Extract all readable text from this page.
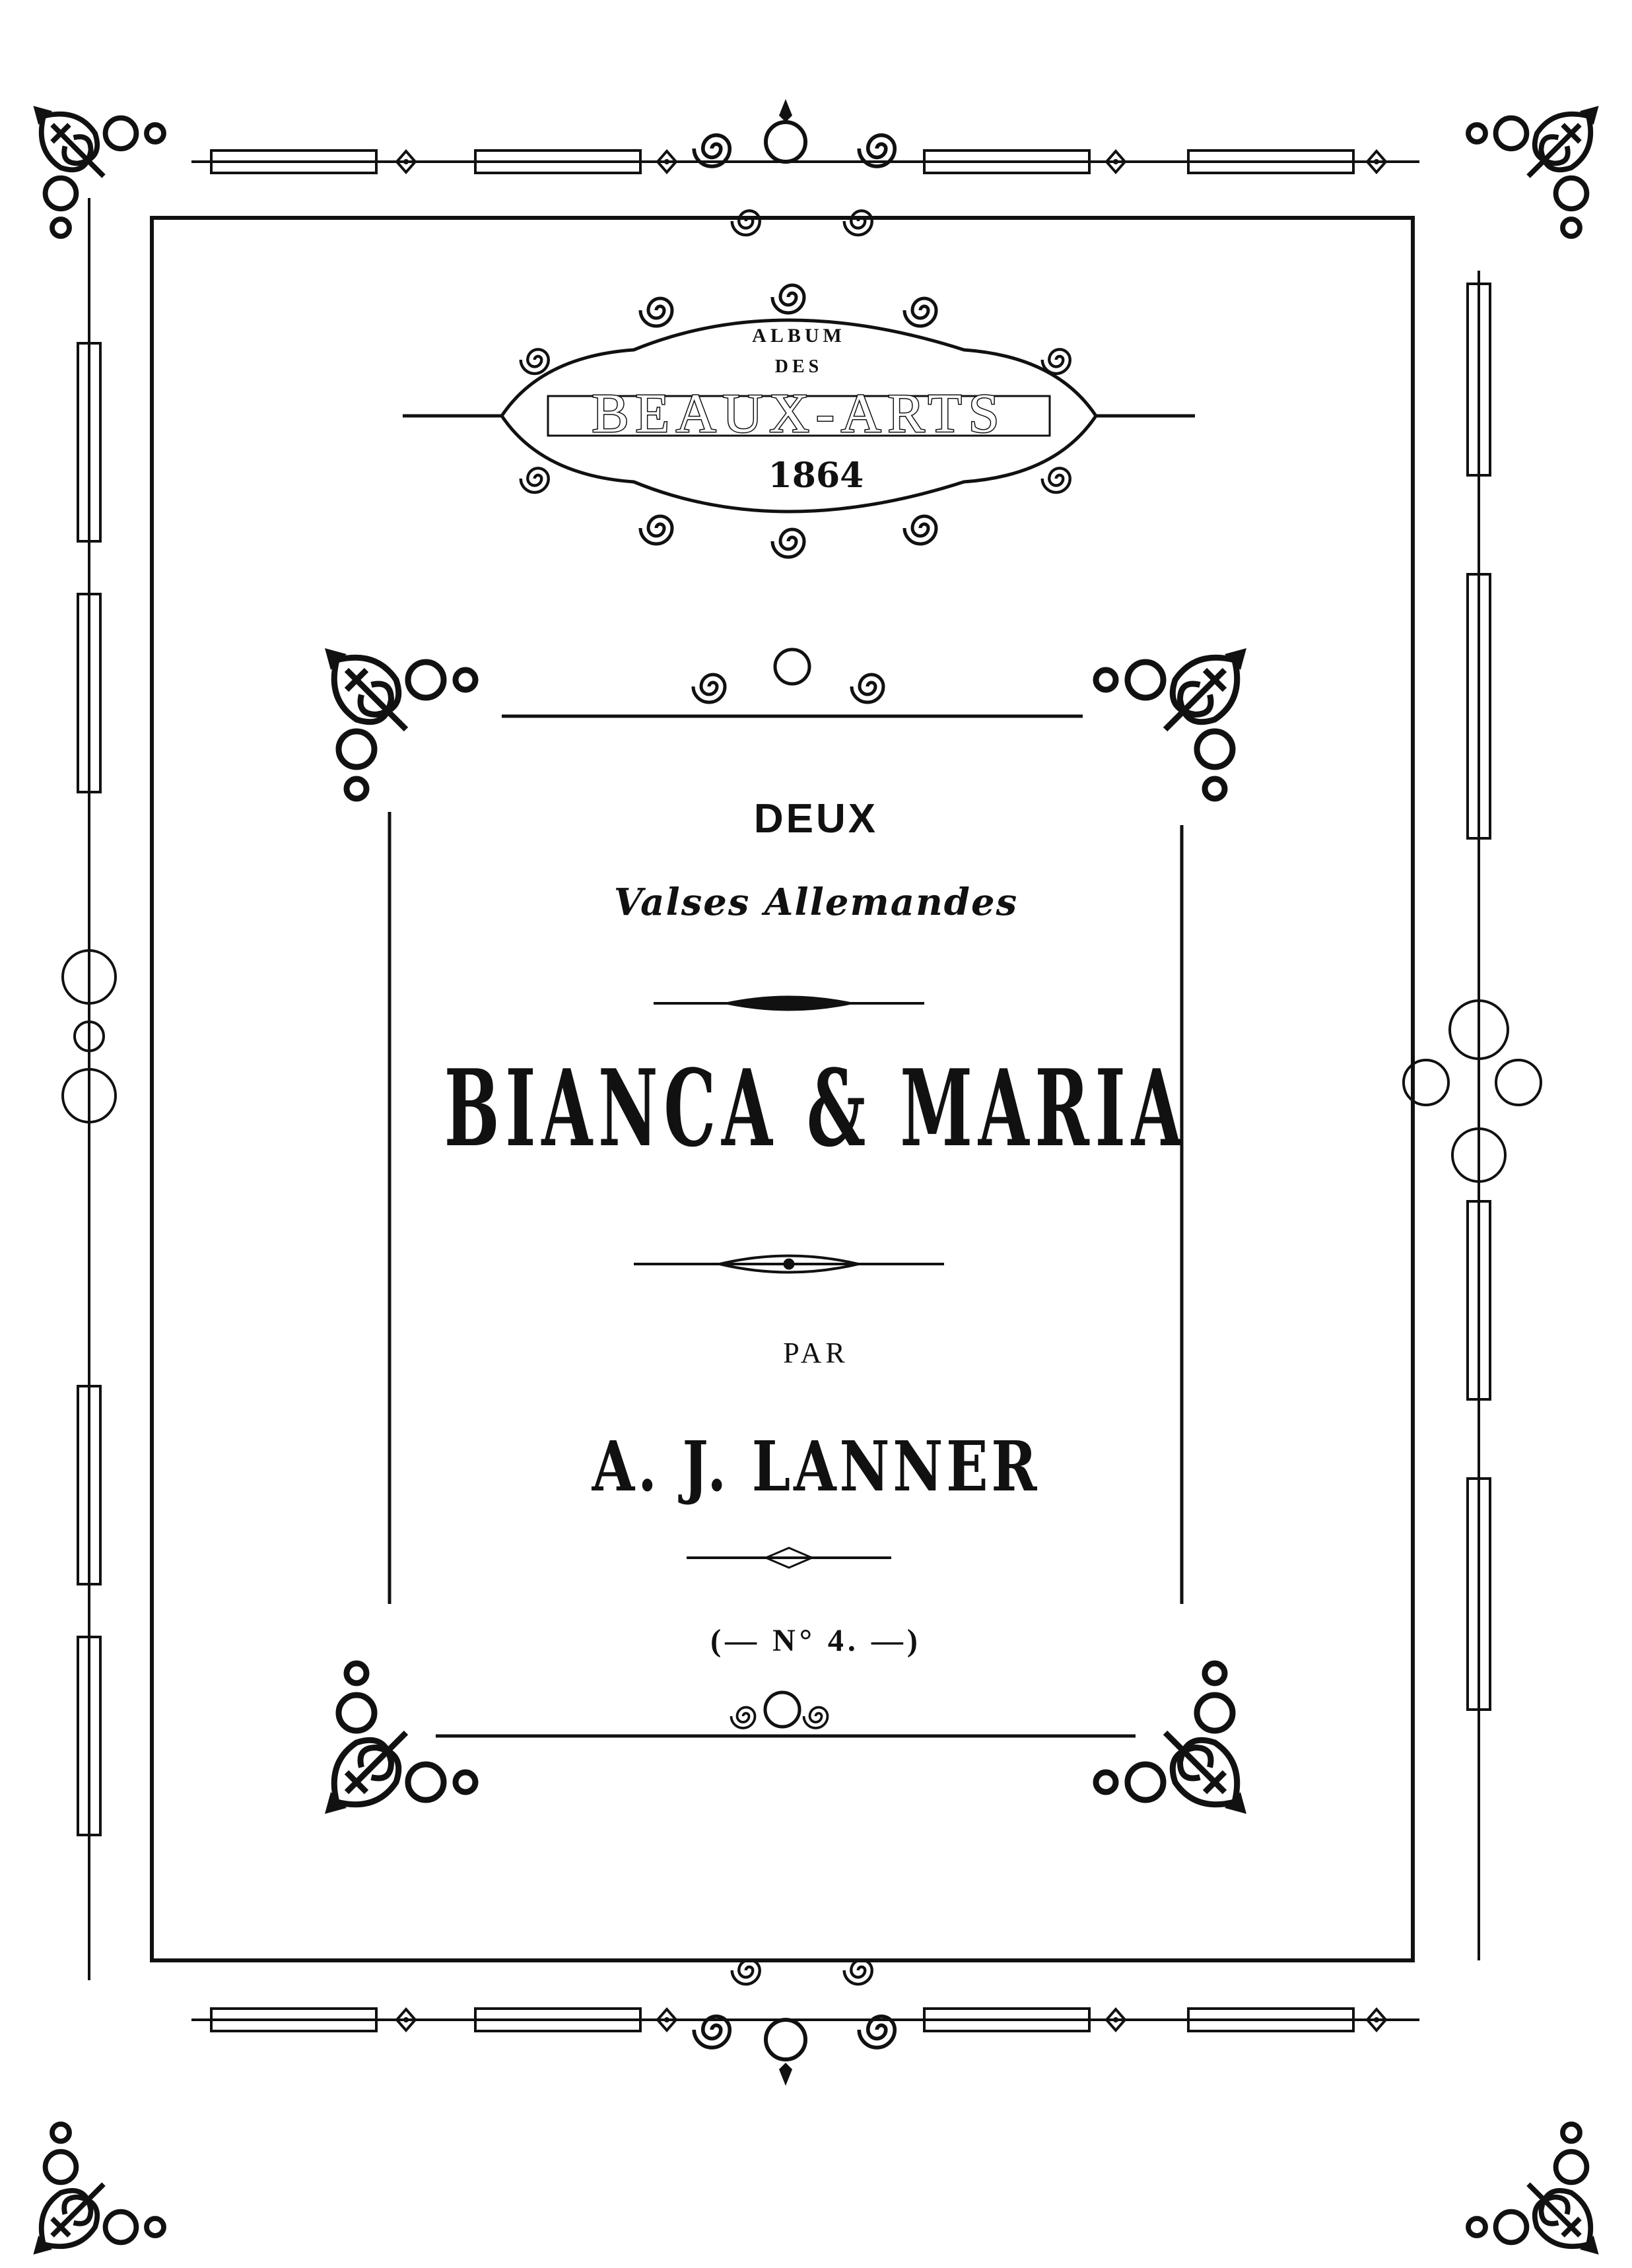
ALBUM

DES

BEAUX-ARTS

1864

DEUX

Valses Allemandes

BIANCA & MARIA

PAR

A. J. LANNER

(— N° 4. —)
